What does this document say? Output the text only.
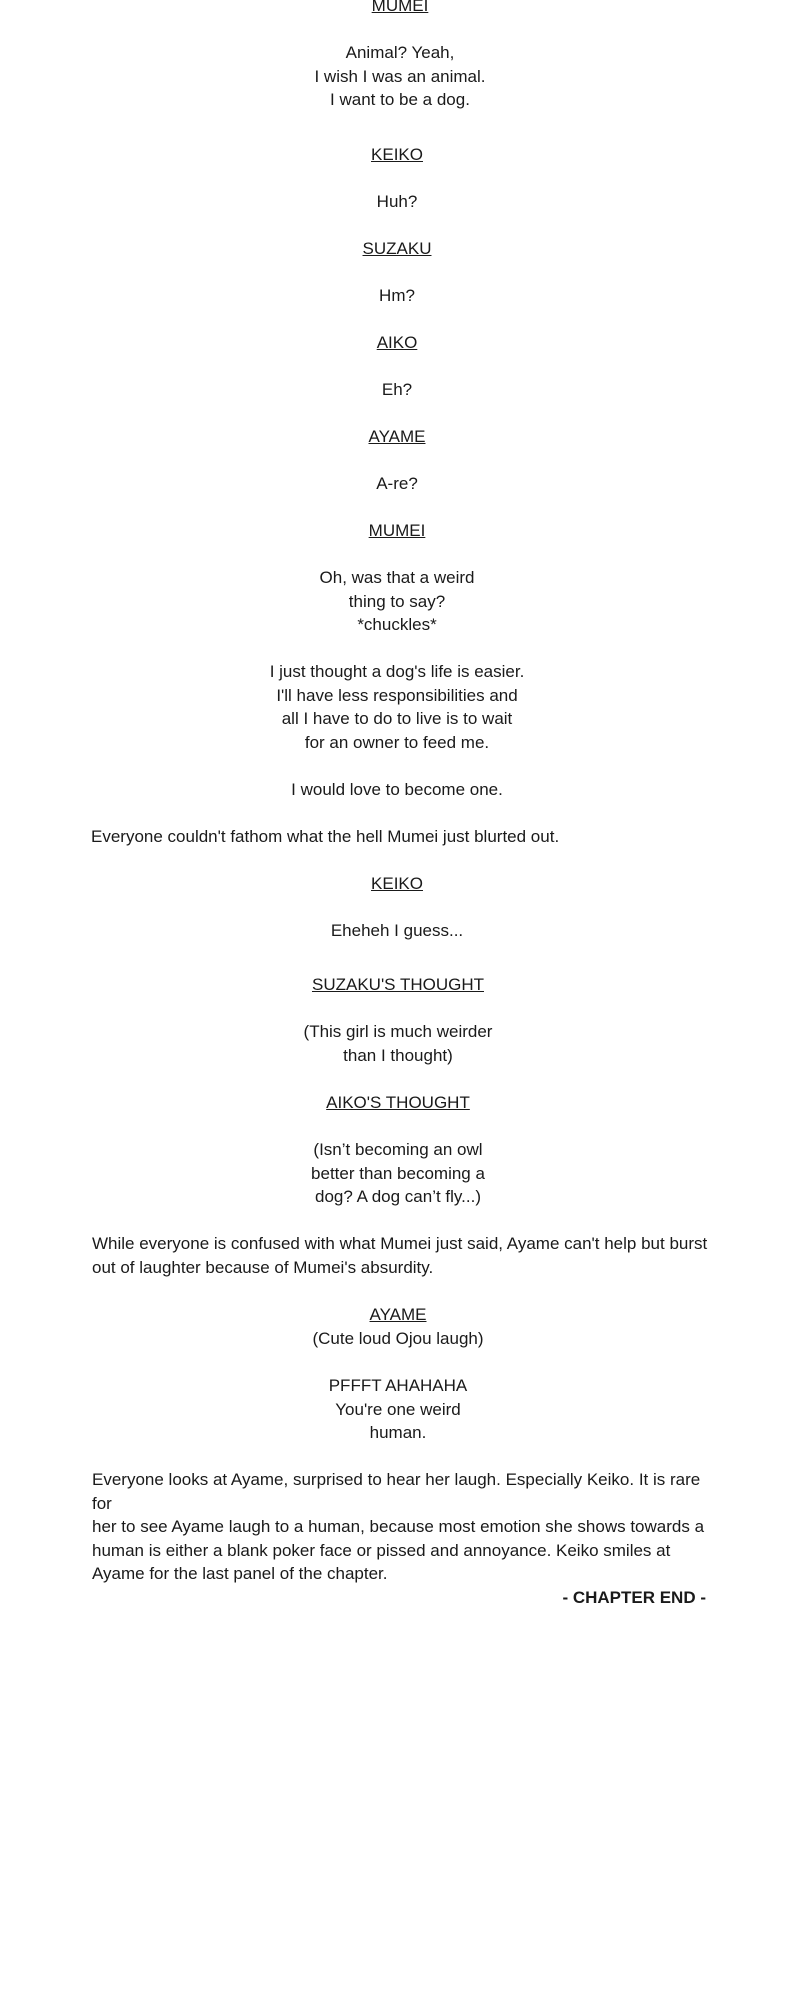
MUMEI
Animal? Yeah,
I wish I was an animal.
I want to be a dog.
KEIKO
Huh?
SUZAKU
Hm?
AIKO
Eh?
AYAME
A-re?
MUMEI
Oh, was that a weird
thing to say?
*chuckles*
I just thought a dog's life is easier.
I'll have less responsibilities and
all I have to do to live is to wait
for an owner to feed me.
I would love to become one.
Everyone couldn't fathom what the hell Mumei just blurted out.
KEIKO
Eheheh I guess...
SUZAKU'S THOUGHT
(This girl is much weirder
than I thought)
AIKO'S THOUGHT
(Isn’t becoming an owl
better than becoming a
dog? A dog can’t fly...)
While everyone is confused with what Mumei just said, Ayame can't help but burst
out of laughter because of Mumei's absurdity.
AYAME
(Cute loud Ojou laugh)
PFFFT AHAHAHA
You're one weird
human.
Everyone looks at Ayame, surprised to hear her laugh. Especially Keiko. It is rare for
her to see Ayame laugh to a human, because most emotion she shows towards a
human is either a blank poker face or pissed and annoyance. Keiko smiles at
Ayame for the last panel of the chapter.
- CHAPTER END -
